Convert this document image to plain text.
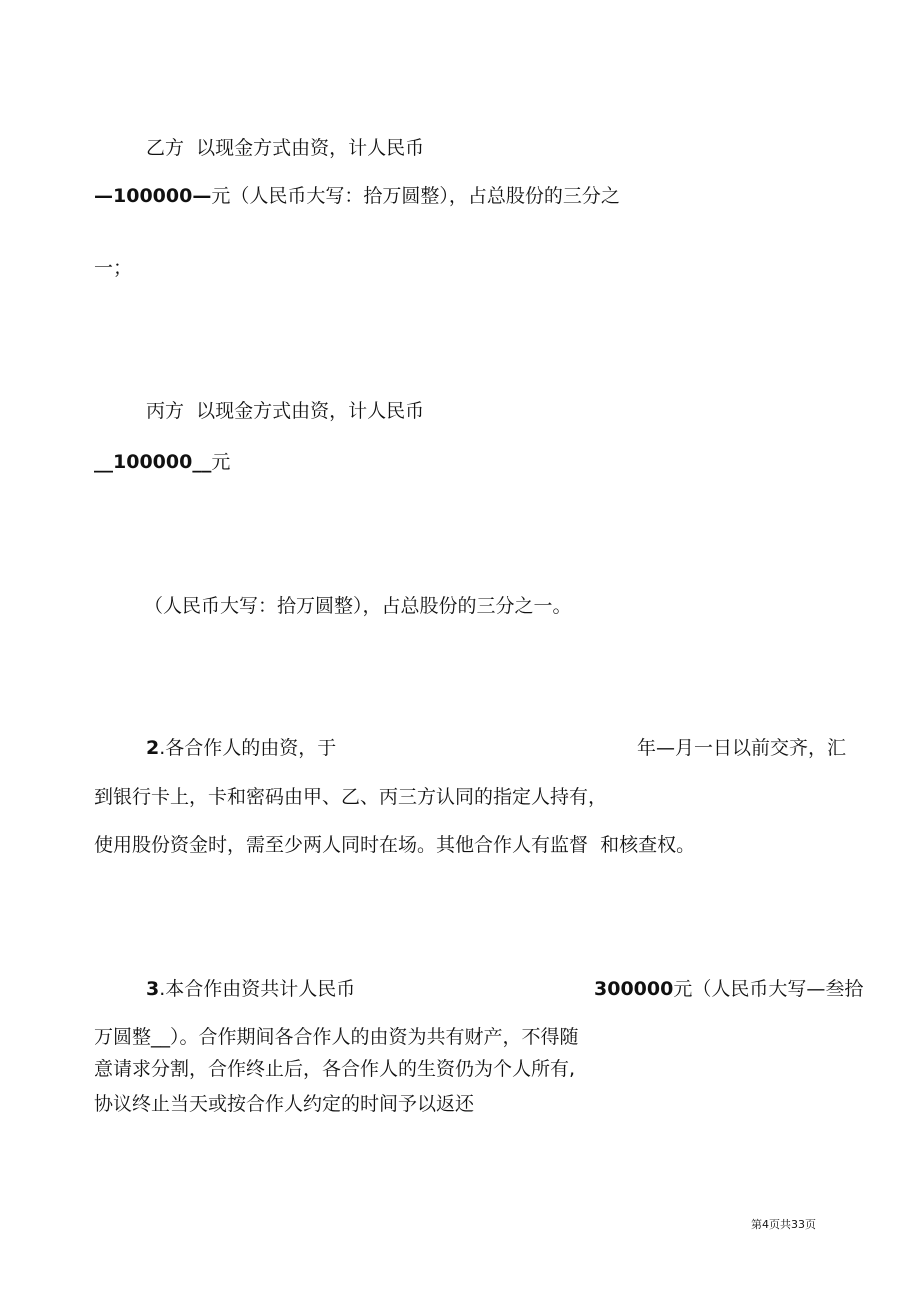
乙方  以现金方式由资，计人民币
—100000—元（人民币大写：拾万圆整），占总股份的三分之
一；
丙方  以现金方式由资，计人民币
__100000__元
（人民币大写：拾万圆整），占总股份的三分之一。
2.各合作人的由资，于	年—月一日以前交齐，汇
到银行卡上，卡和密码由甲、乙、丙三方认同的指定人持有，
使用股份资金时，需至少两人同时在场。其他合作人有监督  和核查权。
3.本合作由资共计人民币	300000元（人民币大写—叁拾
万圆整__）。合作期间各合作人的由资为共有财产，不得随
意请求分割，合作终止后，各合作人的生资仍为个人所有,
协议终止当天或按合作人约定的时间予以返还
第4页共33页
